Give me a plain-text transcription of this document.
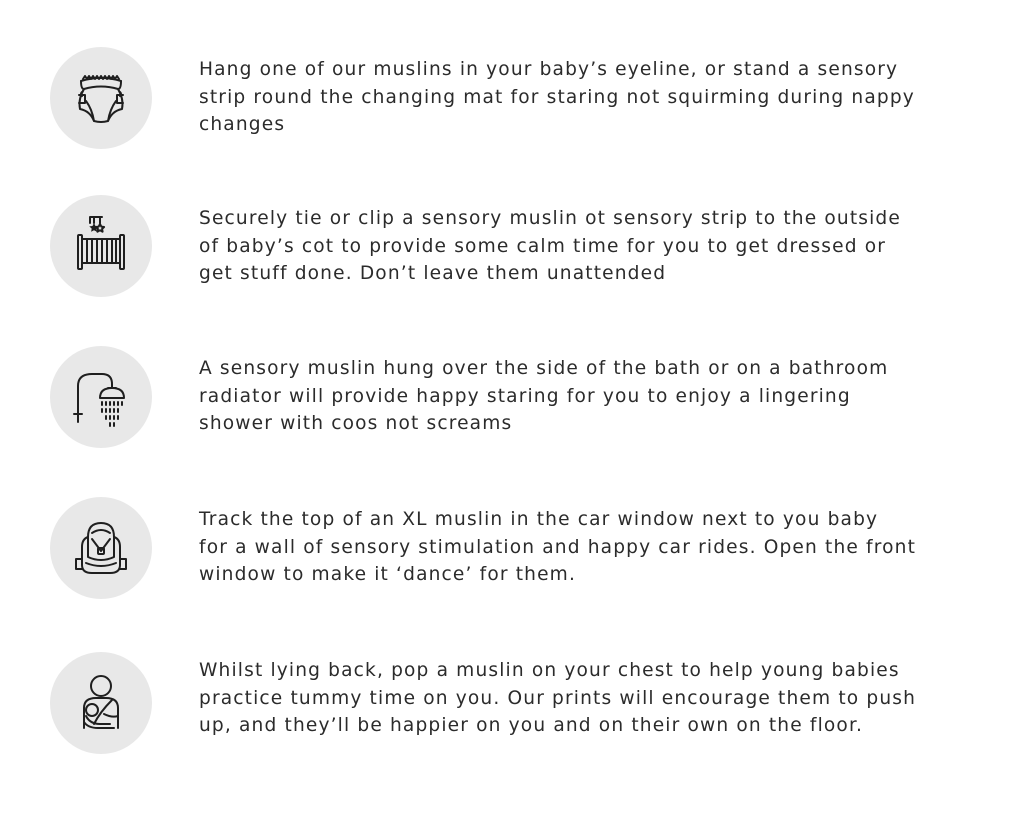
Hang one of our muslins in your baby’s eyeline, or stand a sensory
strip round the changing mat for staring not squirming during nappy
changes

Securely tie or clip a sensory muslin ot sensory strip to the outside
of baby’s cot to provide some calm time for you to get dressed or
get stuff done. Don’t leave them unattended

A sensory muslin hung over the side of the bath or on a bathroom
radiator will provide happy staring for you to enjoy a lingering
shower with coos not screams

Track the top of an XL muslin in the car window next to you baby
for a wall of sensory stimulation and happy car rides. Open the front
window to make it ‘dance’ for them.

Whilst lying back, pop a muslin on your chest to help young babies
practice tummy time on you. Our prints will encourage them to push
up, and they’ll be happier on you and on their own on the floor.
